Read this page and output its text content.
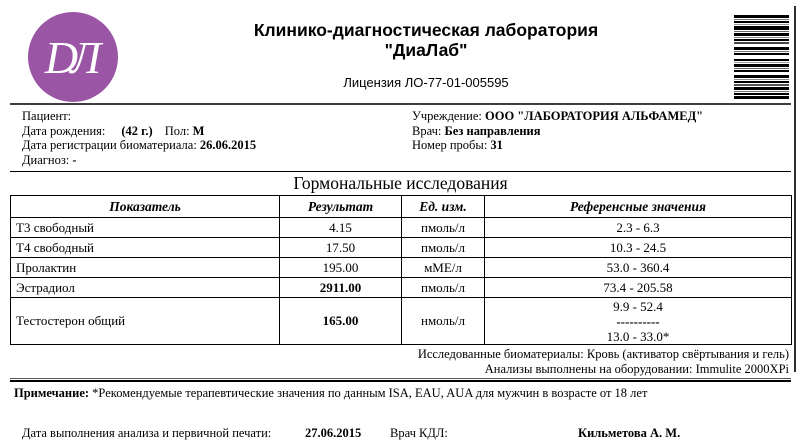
DЛ
Клинико-диагностическая лаборатория
"ДиаЛаб"
Лицензия ЛО-77-01-005595
Пациент:
Дата рождения: (42 г.) Пол: М
Дата регистрации биоматериала: 26.06.2015
Диагноз: -
Учреждение: ООО "ЛАБОРАТОРИЯ АЛЬФАМЕД"
Врач: Без направления
Номер пробы: 31
Гормональные исследования
Показатель	Результат	Ед. изм.	Референсные значения
Т3 свободный	4.15	пмоль/л	2.3 - 6.3
Т4 свободный	17.50	пмоль/л	10.3 - 24.5
Пролактин	195.00	мМЕ/л	53.0 - 360.4
Эстрадиол	2911.00	пмоль/л	73.4 - 205.58
Тестостерон общий	165.00	нмоль/л	9.9 - 52.4
----------
13.0 - 33.0*
Исследованные биоматериалы: Кровь (активатор свёртывания и гель)
Анализы выполнены на оборудовании: Immulite 2000XPi
Примечание: *Рекомендуемые терапевтические значения по данным ISA, EAU, AUA для мужчин в возрасте от 18 лет
Дата выполнения анализа и первичной печати:	27.06.2015 Врач КДЛ:	Кильметова А. М.
